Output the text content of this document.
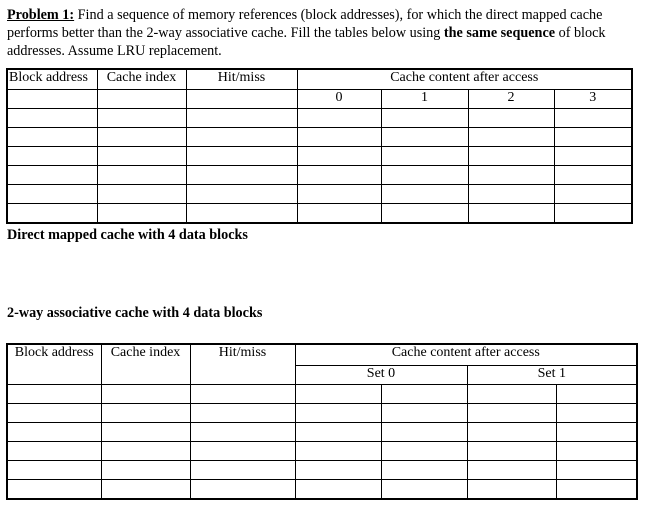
Problem 1: Find a sequence of memory references (block addresses), for which the direct mapped cache performs better than the 2-way associative cache. Fill the tables below using the same sequence of block addresses. Assume LRU replacement.
Block address	Cache index	Hit/miss	Cache content after access			
			0	1	2	3

Direct mapped cache with 4 data blocks
2-way associative cache with 4 data blocks
Block address	Cache index	Hit/miss	Cache content after access			
			Set 0		Set 1	
